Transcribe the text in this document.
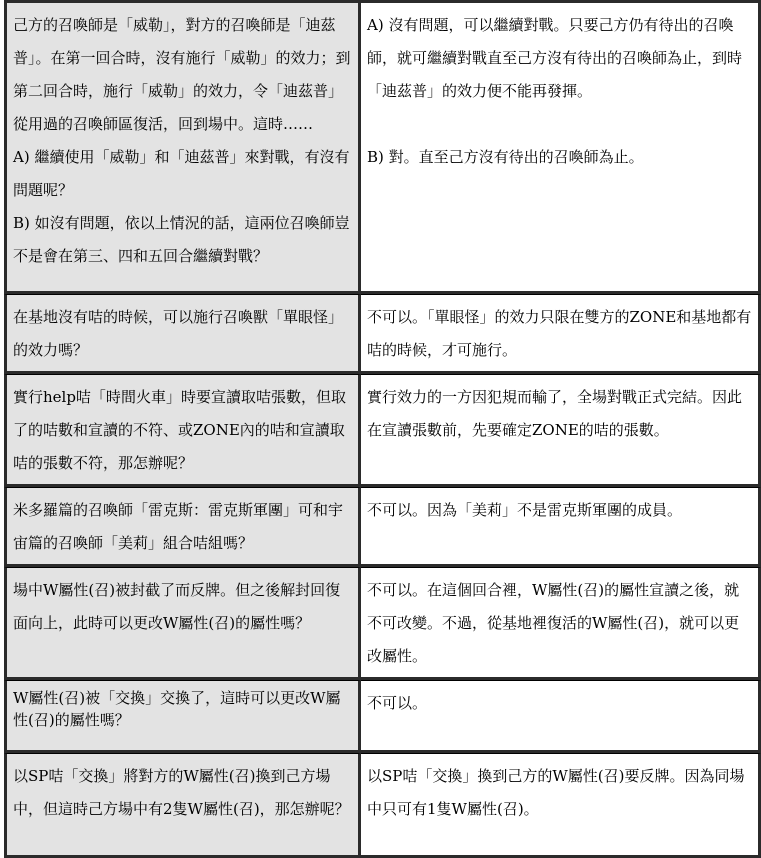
己方的召喚師是「威勒」，對方的召喚師是「迪茲普」。在第一回合時，沒有施行「威勒」的效力；到第二回合時，施行「威勒」的效力，令「迪茲普」從用過的召喚師區復活，回到場中。這時……
A) 繼續使用「威勒」和「迪茲普」來對戰，有沒有問題呢？
B) 如沒有問題，依以上情況的話，這兩位召喚師豈不是會在第三、四和五回合繼續對戰？	A) 沒有問題，可以繼續對戰。只要己方仍有待出的召喚師，就可繼續對戰直至己方沒有待出的召喚師為止，到時「迪茲普」的效力便不能再發揮。

B) 對。直至己方沒有待出的召喚師為止。

在基地沒有咭的時候，可以施行召喚獸「單眼怪」的效力嗎？	不可以。「單眼怪」的效力只限在雙方的ZONE和基地都有咭的時候，才可施行。

實行help咭「時間火車」時要宣讀取咭張數，但取了的咭數和宣讀的不符、或ZONE內的咭和宣讀取咭的張數不符，那怎辦呢？	實行效力的一方因犯規而輸了，全場對戰正式完結。因此在宣讀張數前，先要確定ZONE的咭的張數。

米多羅篇的召喚師「雷克斯：雷克斯軍團」可和宇宙篇的召喚師「美莉」組合咭組嗎？	不可以。因為「美莉」不是雷克斯軍團的成員。

場中W屬性(召)被封截了而反牌。但之後解封回復面向上，此時可以更改W屬性(召)的屬性嗎？	不可以。在這個回合裡，W屬性(召)的屬性宣讀之後，就不可改變。不過，從基地裡復活的W屬性(召)，就可以更改屬性。

W屬性(召)被「交換」交換了，這時可以更改W屬
性(召)的屬性嗎？	不可以。

以SP咭「交換」將對方的W屬性(召)換到己方場中，但這時己方場中有2隻W屬性(召)，那怎辦呢？	以SP咭「交換」換到己方的W屬性(召)要反牌。因為同場中只可有1隻W屬性(召)。
